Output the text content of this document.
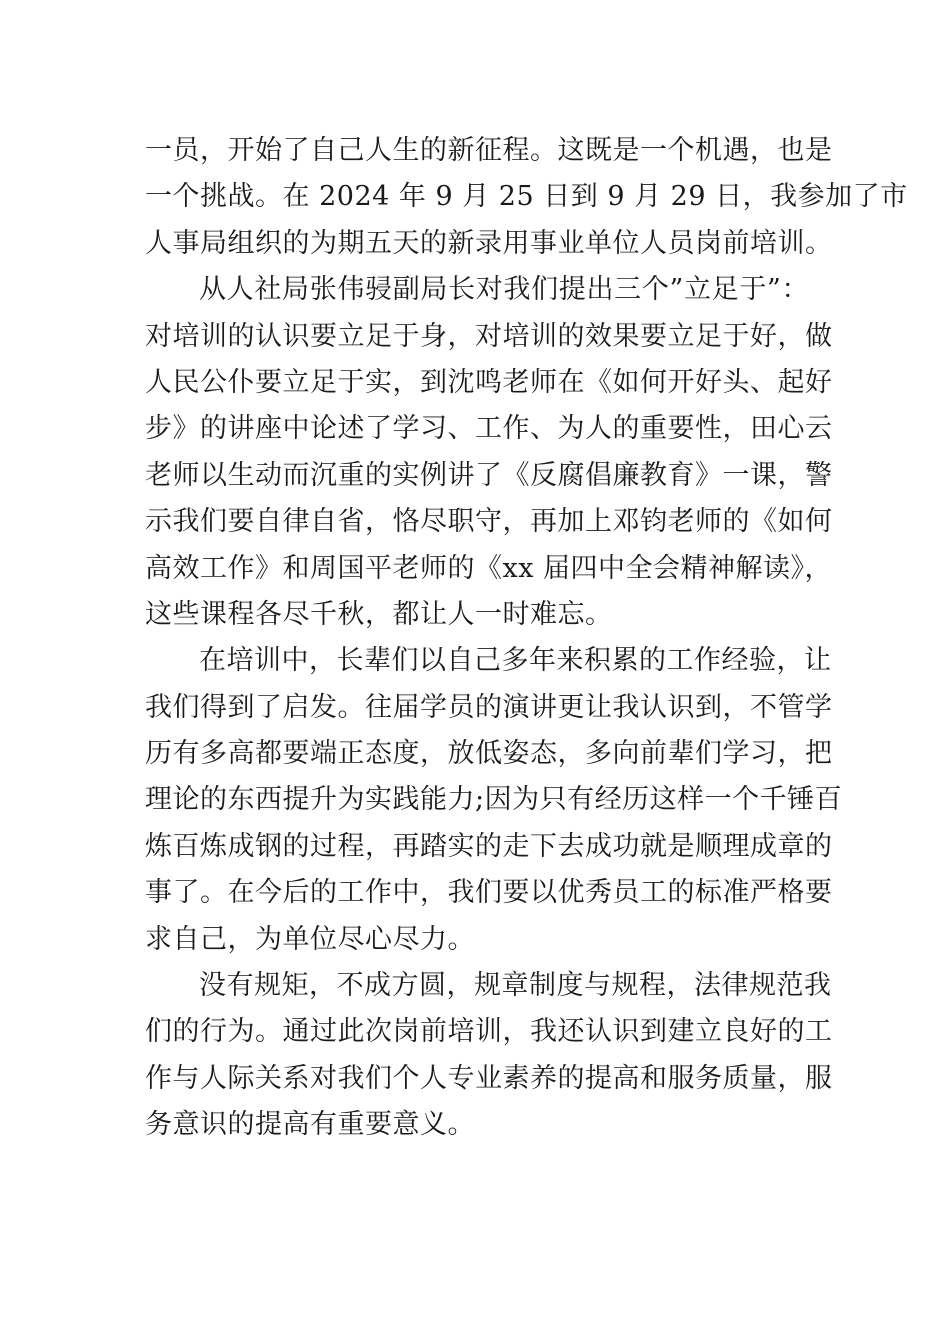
一员，开始了自己人生的新征程。这既是一个机遇，也是
一个挑战。在 2024 年 9 月 25 日到 9 月 29 日，我参加了市
人事局组织的为期五天的新录用事业单位人员岗前培训。
从人社局张伟骎副局长对我们提出三个”立足于”：
对培训的认识要立足于身，对培训的效果要立足于好，做
人民公仆要立足于实，到沈鸣老师在《如何开好头、起好
步》的讲座中论述了学习、工作、为人的重要性，田心云
老师以生动而沉重的实例讲了《反腐倡廉教育》一课，警
示我们要自律自省，恪尽职守，再加上邓钧老师的《如何
高效工作》和周国平老师的《xx 届四中全会精神解读》，
这些课程各尽千秋，都让人一时难忘。
在培训中，长辈们以自己多年来积累的工作经验，让
我们得到了启发。往届学员的演讲更让我认识到，不管学
历有多高都要端正态度，放低姿态，多向前辈们学习，把
理论的东西提升为实践能力;因为只有经历这样一个千锤百
炼百炼成钢的过程，再踏实的走下去成功就是顺理成章的
事了。在今后的工作中，我们要以优秀员工的标准严格要
求自己，为单位尽心尽力。
没有规矩，不成方圆，规章制度与规程，法律规范我
们的行为。通过此次岗前培训，我还认识到建立良好的工
作与人际关系对我们个人专业素养的提高和服务质量，服
务意识的提高有重要意义。
